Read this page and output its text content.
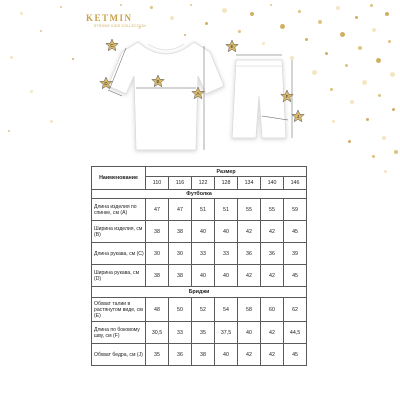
KETMIN
STRONG KIDS COLLECTION
A
B
C
D
E
F
J
Наименование	Размер						
	110	116	122	128	134	140	146
Футболка							
Длина изделия по спинке, см (А)	47	47	51	51	55	55	59
Ширина изделия, см (B)	38	38	40	40	42	42	45
Длина рукава, см (C)	30	30	33	33	36	36	39
Ширина рукава, см (D)	38	38	40	40	42	42	45
Бриджи							
Обхват талии в растянутом виде, см (E)	48	50	52	54	58	60	62
Длина по боковому шву, см (F)	30,5	33	35	37,5	40	42	44,5
Обхват бедра, см (J)	35	36	38	40	42	42	45
